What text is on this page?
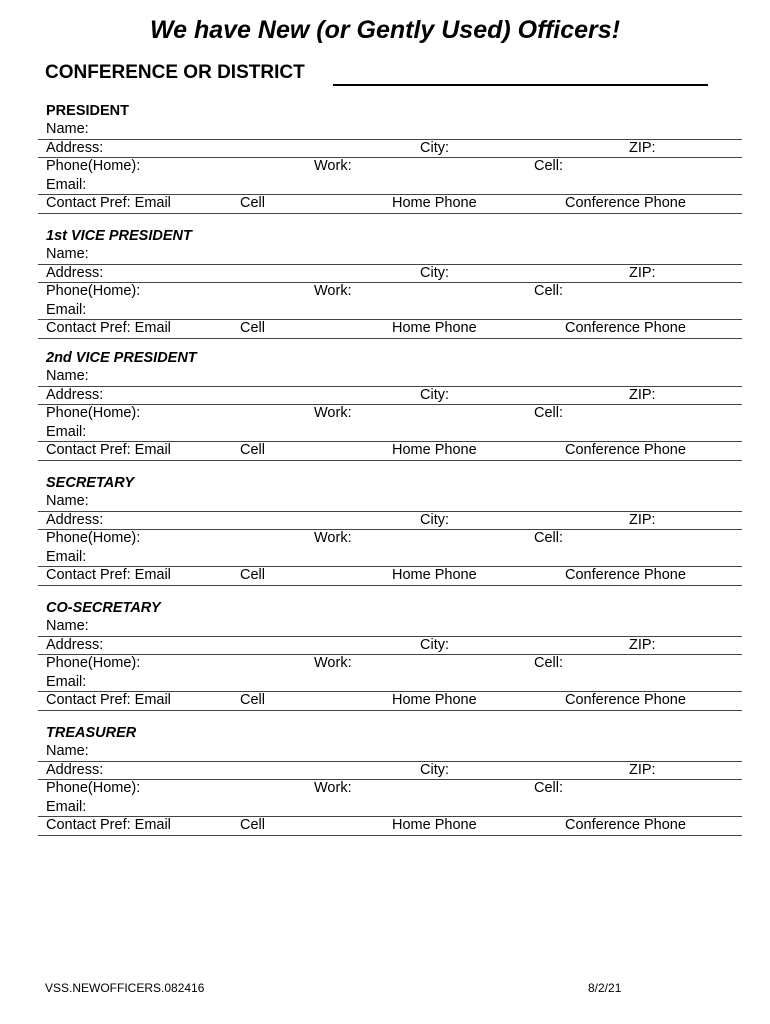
We have New (or Gently Used) Officers!
CONFERENCE OR DISTRICT
PRESIDENT
Name:
Address:	City:	ZIP:
Phone(Home):	Work:	Cell:
Email:
Contact Pref: Email	Cell	Home Phone	Conference Phone
1st VICE PRESIDENT
Name:
Address:	City:	ZIP:
Phone(Home):	Work:	Cell:
Email:
Contact Pref: Email	Cell	Home Phone	Conference Phone
2nd VICE PRESIDENT
Name:
Address:	City:	ZIP:
Phone(Home):	Work:	Cell:
Email:
Contact Pref: Email	Cell	Home Phone	Conference Phone
SECRETARY
Name:
Address:	City:	ZIP:
Phone(Home):	Work:	Cell:
Email:
Contact Pref: Email	Cell	Home Phone	Conference Phone
CO-SECRETARY
Name:
Address:	City:	ZIP:
Phone(Home):	Work:	Cell:
Email:
Contact Pref: Email	Cell	Home Phone	Conference Phone
TREASURER
Name:
Address:	City:	ZIP:
Phone(Home):	Work:	Cell:
Email:
Contact Pref: Email	Cell	Home Phone	Conference Phone
VSS.NEWOFFICERS.082416	8/2/21
